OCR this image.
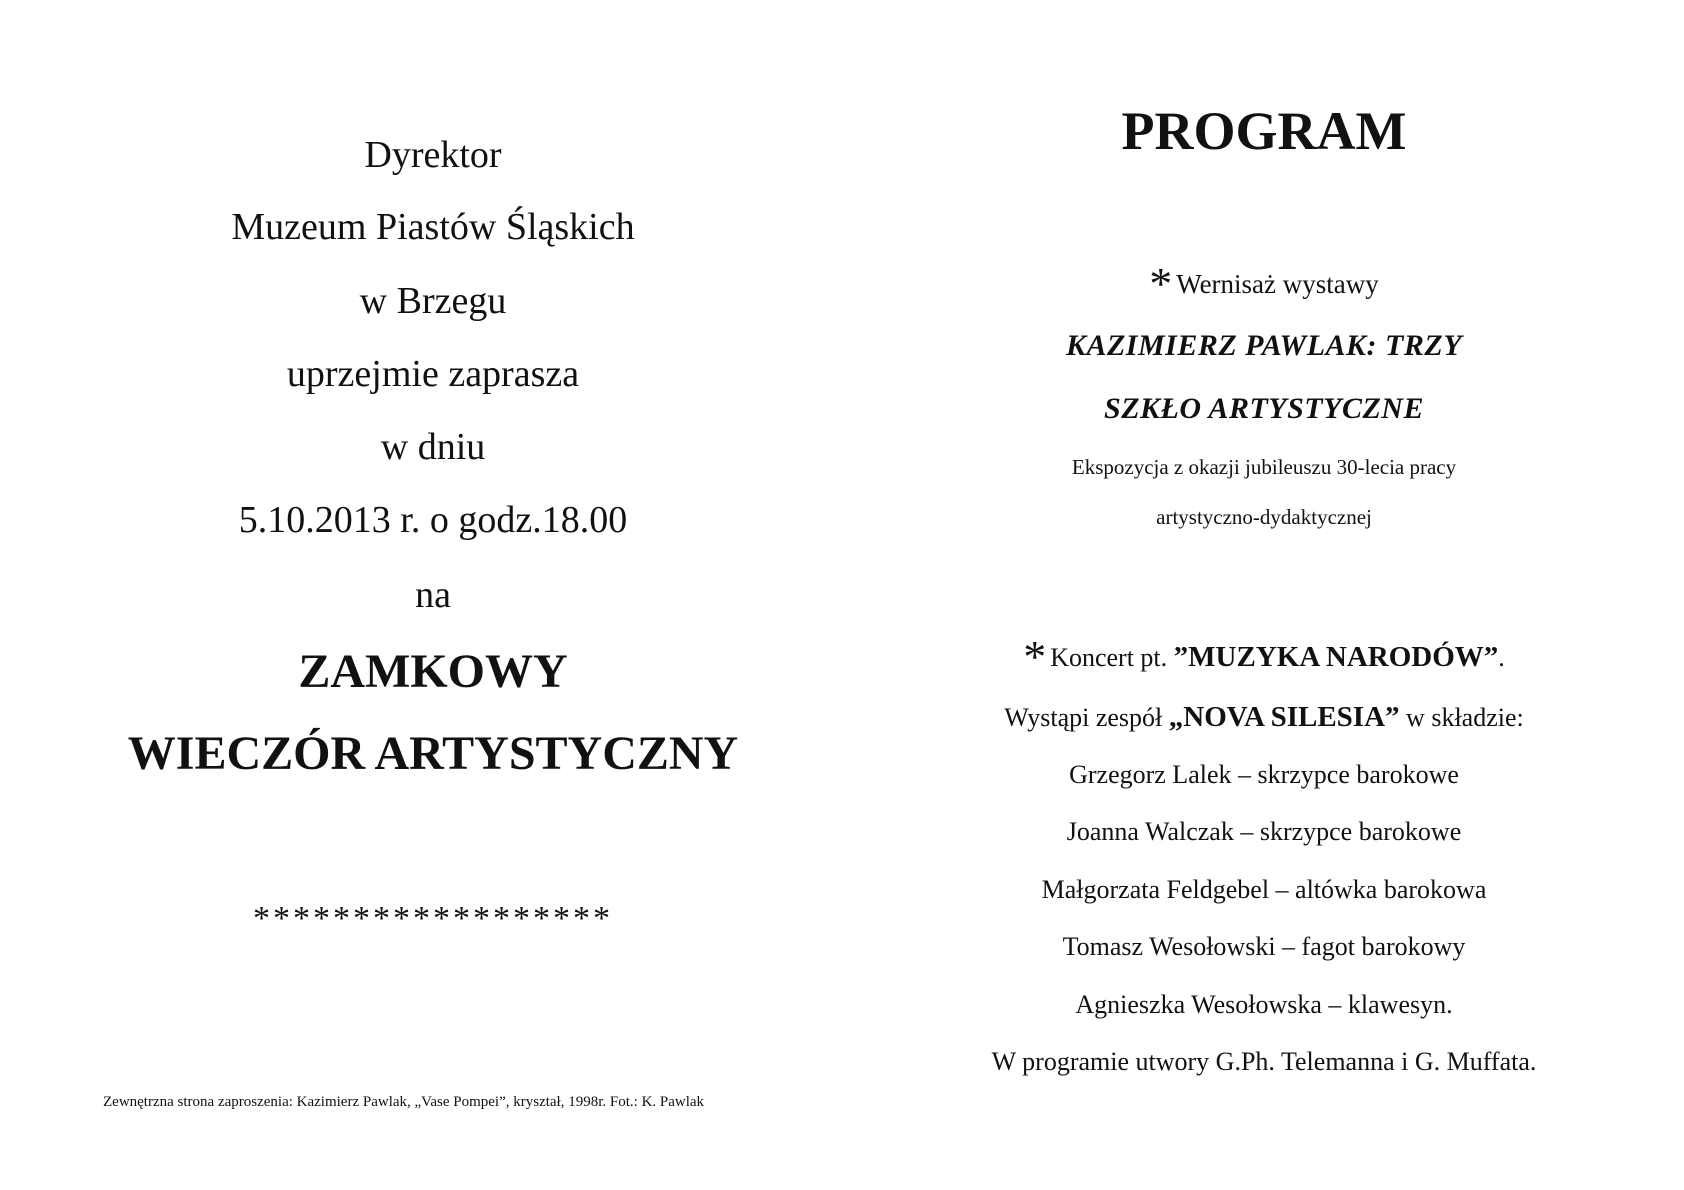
Dyrektor
Muzeum Piastów Śląskich
w Brzegu
uprzejmie zaprasza
w dniu
5.10.2013 r. o godz.18.00
na
ZAMKOWY
WIECZÓR ARTYSTYCZNY
******************
Zewnętrzna strona zaproszenia: Kazimierz Pawlak, „Vase Pompei”, kryształ, 1998r. Fot.: K. Pawlak
PROGRAM
* Wernisaż wystawy
KAZIMIERZ PAWLAK: TRZY
SZKŁO ARTYSTYCZNE
Ekspozycja z okazji jubileuszu 30-lecia pracy
artystyczno-dydaktycznej
* Koncert pt. ”MUZYKA NARODÓW”.
Wystąpi zespół „NOVA SILESIA” w składzie:
Grzegorz Lalek – skrzypce barokowe
Joanna Walczak – skrzypce barokowe
Małgorzata Feldgebel – altówka barokowa
Tomasz Wesołowski – fagot barokowy
Agnieszka Wesołowska – klawesyn.
W programie utwory G.Ph. Telemanna i G. Muffata.
